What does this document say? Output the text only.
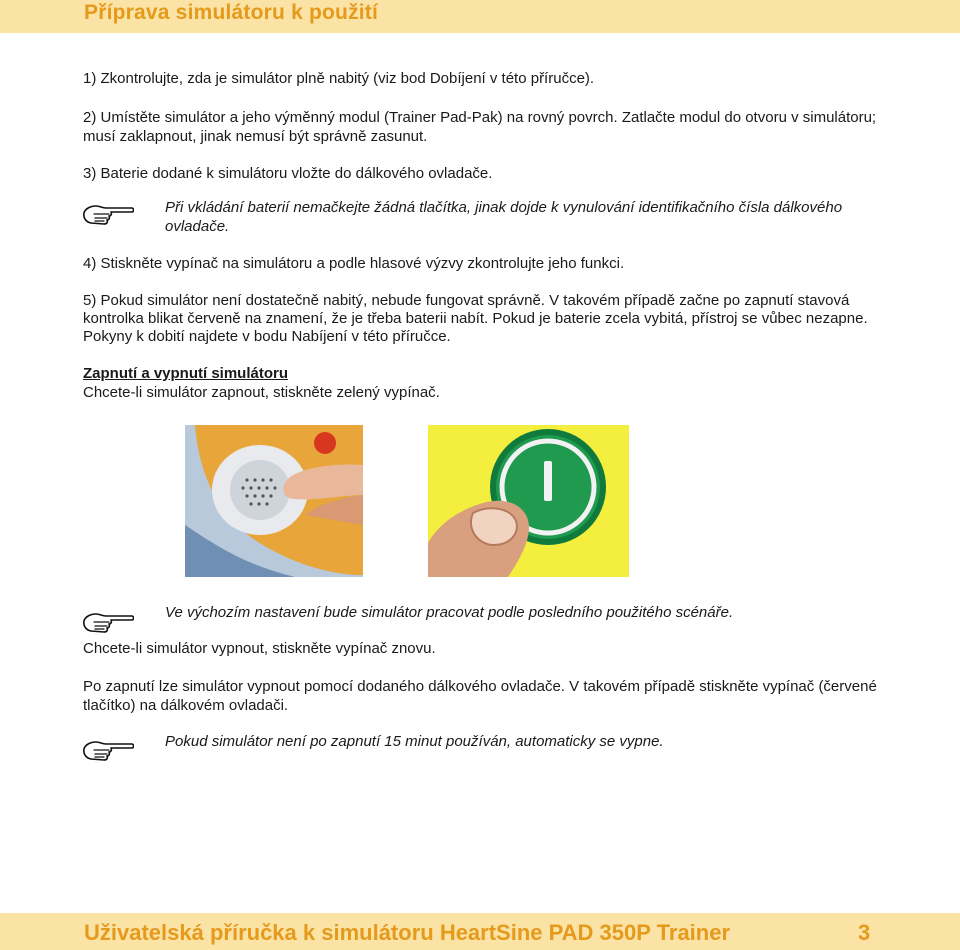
Příprava simulátoru k použití

1) Zkontrolujte, zda je simulátor plně nabitý (viz bod Dobíjení v této příručce).

2) Umístěte simulátor a jeho výměnný modul (Trainer Pad-Pak) na rovný povrch. Zatlačte modul do otvoru v simulátoru; musí zaklapnout, jinak nemusí být správně zasunut.

3) Baterie dodané k simulátoru vložte do dálkového ovladače.

Při vkládání baterií nemačkejte žádná tlačítka, jinak dojde k vynulování identifikačního čísla dálkového ovladače.

4) Stiskněte vypínač na simulátoru a podle hlasové výzvy zkontrolujte jeho funkci.

5) Pokud simulátor není dostatečně nabitý, nebude fungovat správně. V takovém případě začne po zapnutí stavová kontrolka blikat červeně na znamení, že je třeba baterii nabít. Pokud je baterie zcela vybitá, přístroj se vůbec nezapne. Pokyny k dobití najdete v bodu Nabíjení v této příručce.

Zapnutí a vypnutí simulátoru
Chcete-li simulátor zapnout, stiskněte zelený vypínač.

Ve výchozím nastavení bude simulátor pracovat podle posledního použitého scénáře.

Chcete-li simulátor vypnout, stiskněte vypínač znovu.

Po zapnutí lze simulátor vypnout pomocí dodaného dálkového ovladače. V takovém případě stiskněte vypínač (červené tlačítko) na dálkovém ovladači.

Pokud simulátor není po zapnutí 15 minut používán, automaticky se vypne.

Uživatelská příručka k simulátoru HeartSine PAD 350P Trainer	3
